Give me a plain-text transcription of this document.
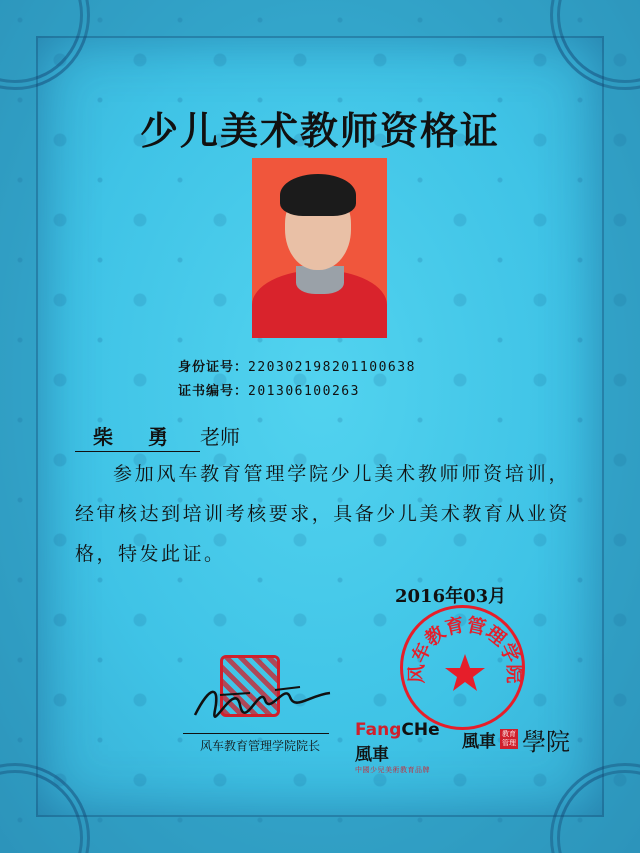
少儿美术教师资格证
身份证号：220302198201100638
证书编号：201306100263
柴 勇 老师
参加风车教育管理学院少儿美术教师师资培训，经审核达到培训考核要求，具备少儿美术教育从业资格，特发此证。
2016年03月
风车教育管理学院
风车教育管理学院院长
FangCHe風車
中國少兒美術教育品牌
風車 教育
管理 學院
